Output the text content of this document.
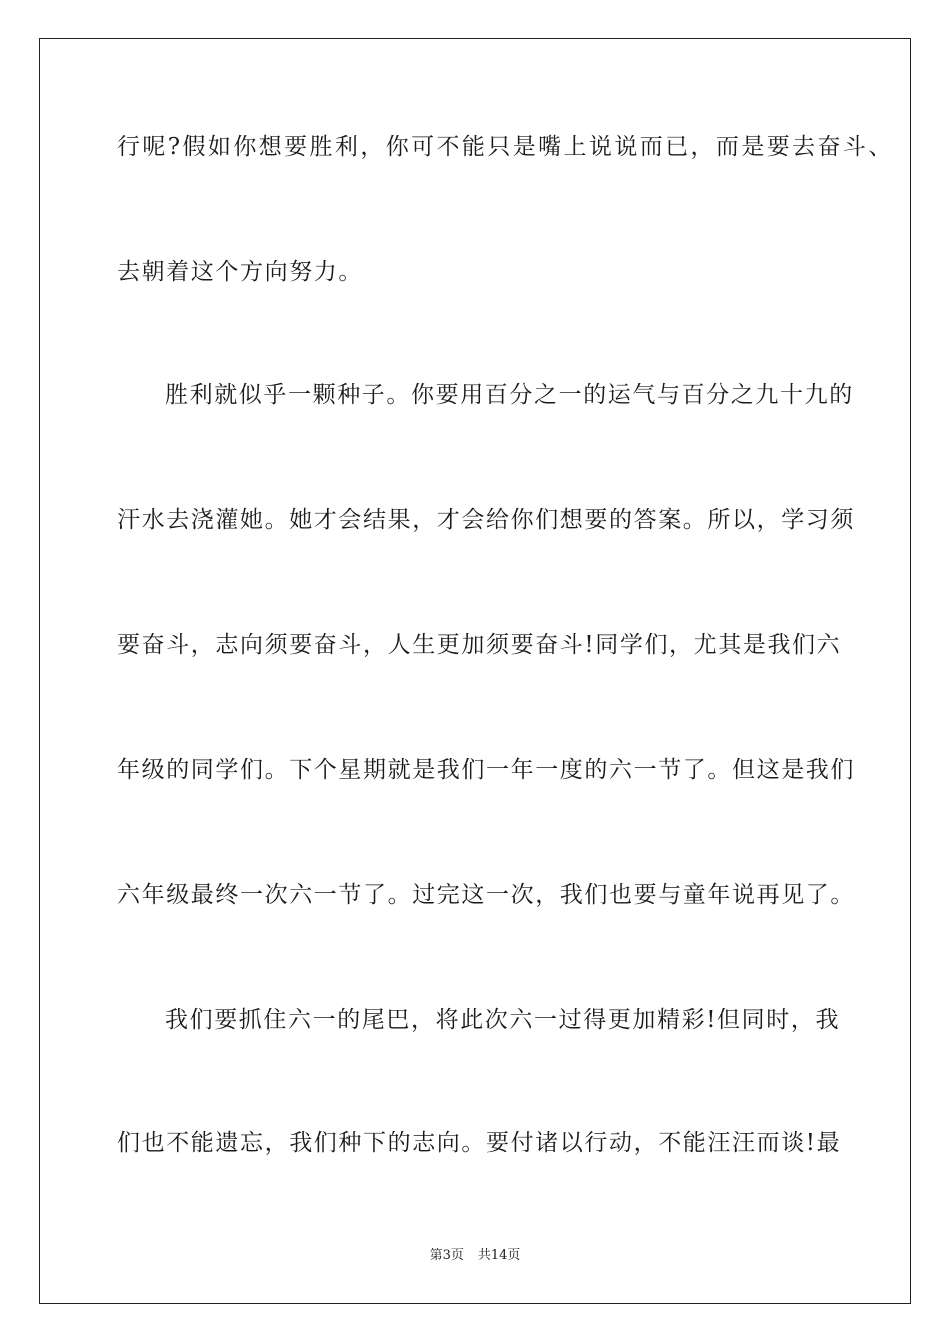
行呢?假如你想要胜利，你可不能只是嘴上说说而已，而是要去奋斗、
去朝着这个方向努力。
胜利就似乎一颗种子。你要用百分之一的运气与百分之九十九的
汗水去浇灌她。她才会结果，才会给你们想要的答案。所以，学习须
要奋斗，志向须要奋斗，人生更加须要奋斗!同学们，尤其是我们六
年级的同学们。下个星期就是我们一年一度的六一节了。但这是我们
六年级最终一次六一节了。过完这一次，我们也要与童年说再见了。
我们要抓住六一的尾巴，将此次六一过得更加精彩!但同时，我
们也不能遗忘，我们种下的志向。要付诸以行动，不能汪汪而谈!最
第3页 共14页
